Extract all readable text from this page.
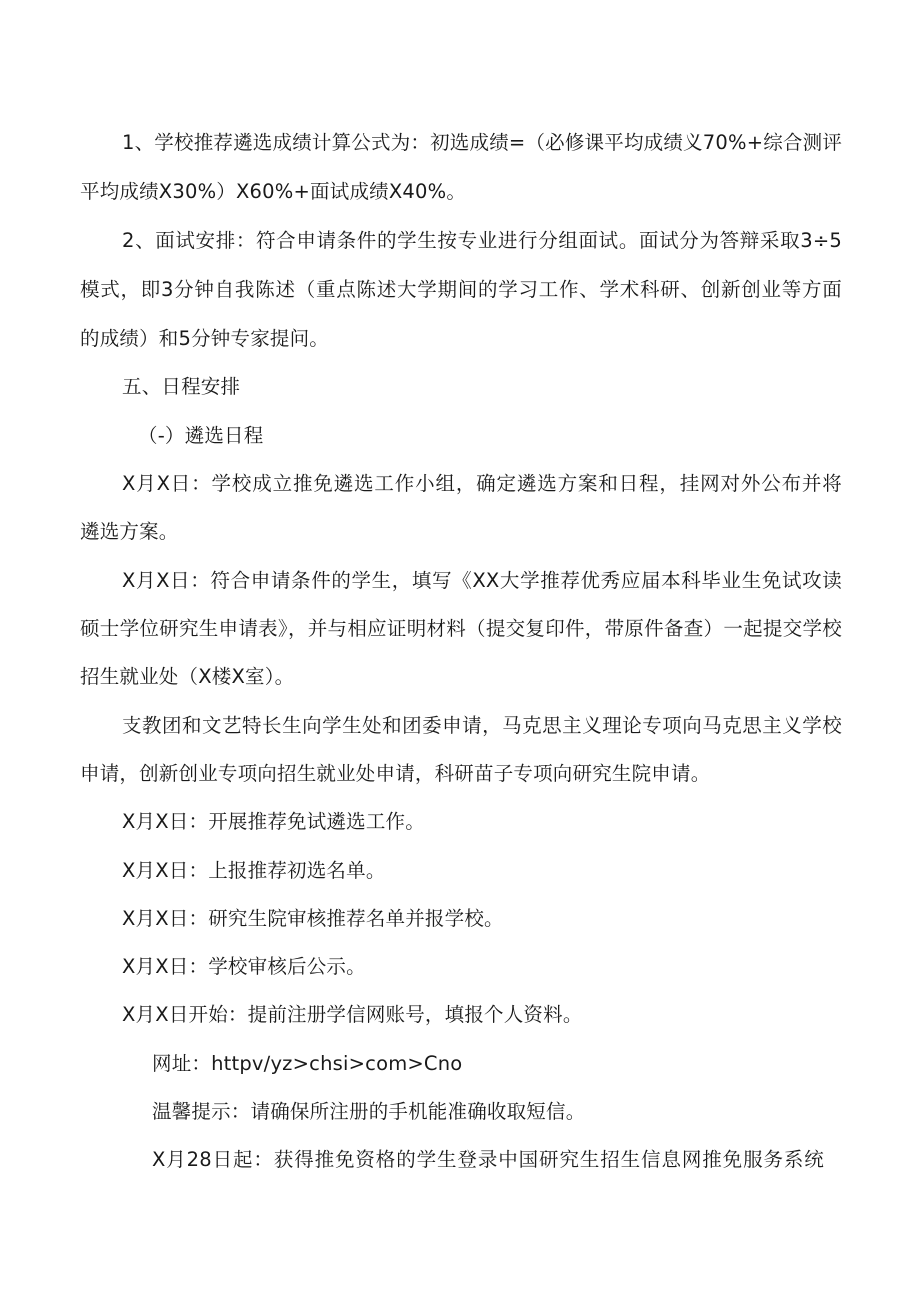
1、学校推荐遴选成绩计算公式为：初选成绩=（必修课平均成绩义70%+综合测评
平均成绩X30%）X60%+面试成绩X40%。
2、面试安排：符合申请条件的学生按专业进行分组面试。面试分为答辩采取3÷5
模式，即3分钟自我陈述（重点陈述大学期间的学习工作、学术科研、创新创业等方面
的成绩）和5分钟专家提问。
五、日程安排
（-）遴选日程
X月X日：学校成立推免遴选工作小组，确定遴选方案和日程，挂网对外公布并将
遴选方案。
X月X日：符合申请条件的学生，填写《XX大学推荐优秀应届本科毕业生免试攻读
硕士学位研究生申请表》，并与相应证明材料（提交复印件，带原件备查）一起提交学校
招生就业处（X楼X室）。
支教团和文艺特长生向学生处和团委申请，马克思主义理论专项向马克思主义学校
申请，创新创业专项向招生就业处申请，科研苗子专项向研究生院申请。
X月X日：开展推荐免试遴选工作。
X月X日：上报推荐初选名单。
X月X日：研究生院审核推荐名单并报学校。
X月X日：学校审核后公示。
X月X日开始：提前注册学信网账号，填报个人资料。
网址：httpv∕yz>chsi>com>Cno
温馨提示：请确保所注册的手机能准确收取短信。
X月28日起：获得推免资格的学生登录中国研究生招生信息网推免服务系统
